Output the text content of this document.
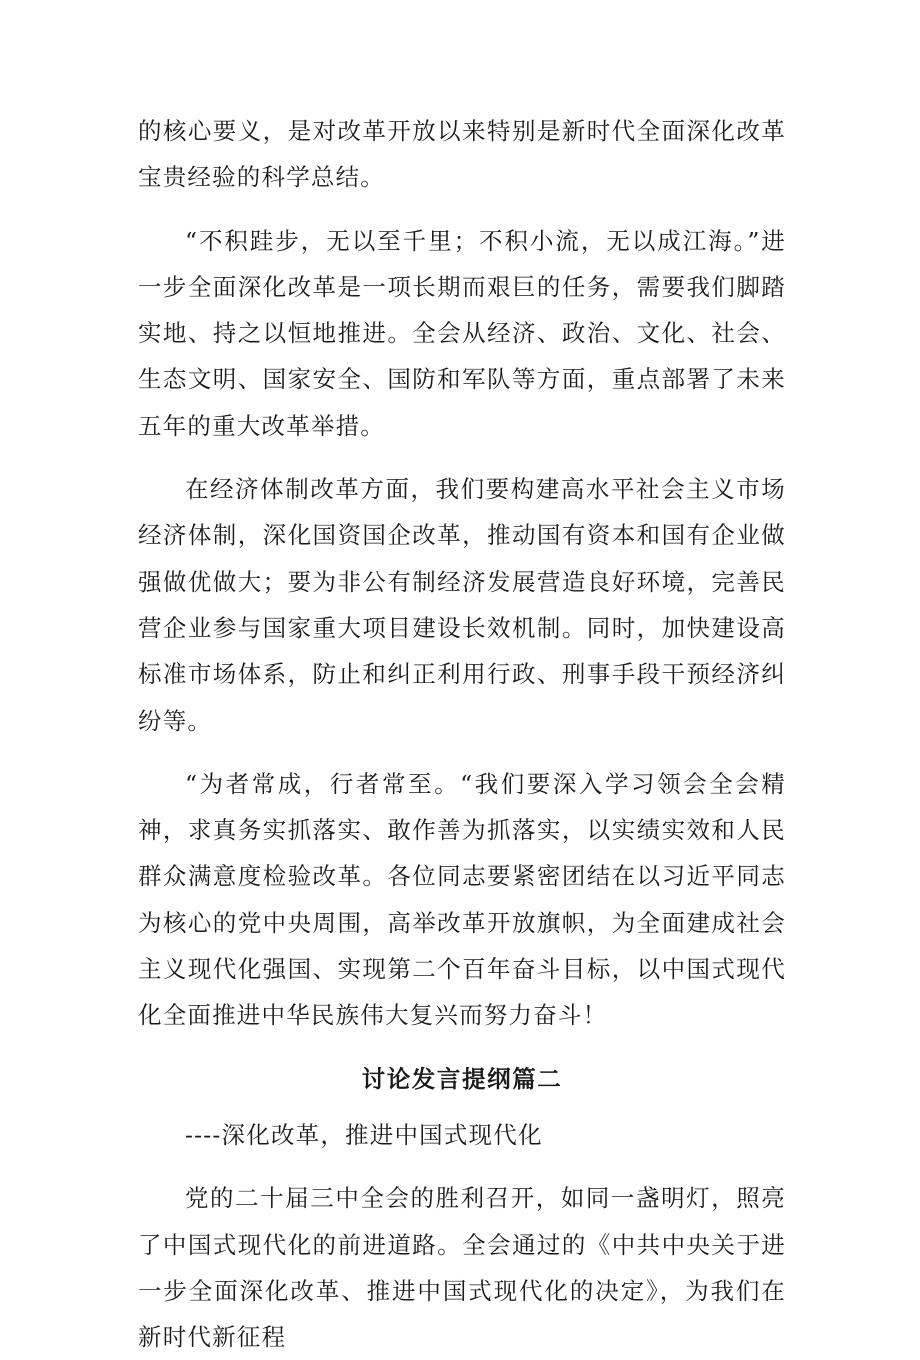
的核心要义，是对改革开放以来特别是新时代全面深化改革宝贵经验的科学总结。

“不积跬步，无以至千里；不积小流，无以成江海。”进一步全面深化改革是一项长期而艰巨的任务，需要我们脚踏实地、持之以恒地推进。全会从经济、政治、文化、社会、生态文明、国家安全、国防和军队等方面，重点部署了未来五年的重大改革举措。

在经济体制改革方面，我们要构建高水平社会主义市场经济体制，深化国资国企改革，推动国有资本和国有企业做强做优做大；要为非公有制经济发展营造良好环境，完善民营企业参与国家重大项目建设长效机制。同时，加快建设高标准市场体系，防止和纠正利用行政、刑事手段干预经济纠纷等。

“为者常成，行者常至。“我们要深入学习领会全会精神，求真务实抓落实、敢作善为抓落实，以实绩实效和人民群众满意度检验改革。各位同志要紧密团结在以习近平同志为核心的党中央周围，高举改革开放旗帜，为全面建成社会主义现代化强国、实现第二个百年奋斗目标，以中国式现代化全面推进中华民族伟大复兴而努力奋斗！

讨论发言提纲篇二

----深化改革，推进中国式现代化

党的二十届三中全会的胜利召开，如同一盏明灯，照亮了中国式现代化的前进道路。全会通过的《中共中央关于进一步全面深化改革、推进中国式现代化的决定》，为我们在新时代新征程
